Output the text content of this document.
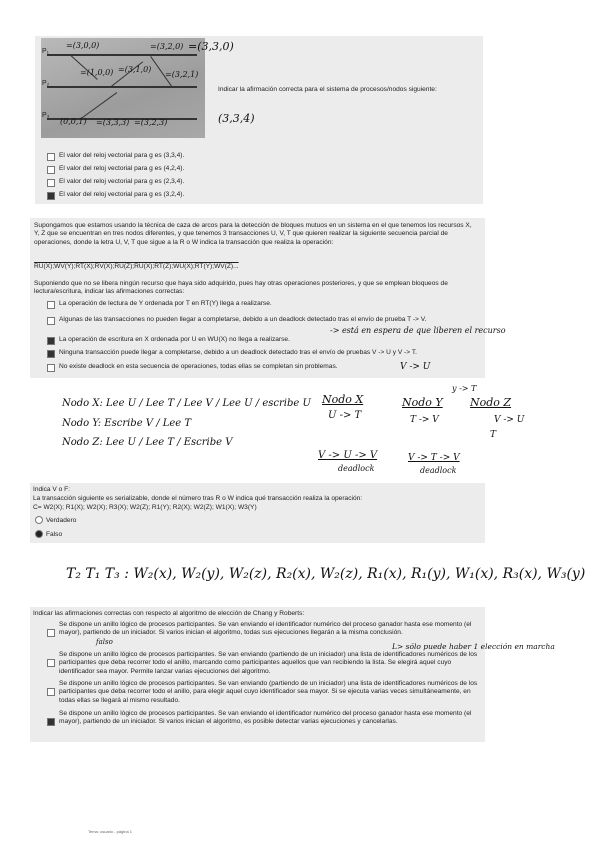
P₁
P₂
P₃
=(3,0,0)	=(3,2,0) =(3,3,0)
=(1,0,0) =(3,1,0)
=(3,2,1)
(0,0,1) =(3,3,3) =(3,2,3)	(3,3,4)
Indicar la afirmación correcta para el sistema de procesos/nodos siguiente:
El valor del reloj vectorial para g es (3,3,4).
El valor del reloj vectorial para g es (4,2,4).
El valor del reloj vectorial para g es (2,3,4).
El valor del reloj vectorial para g es (3,2,4).
Supongamos que estamos usando la técnica de caza de arcos para la detección de bloques mutuos en un sistema en el que tenemos los recursos X, Y, Z que se encuentran en tres nodos diferentes, y que tenemos 3 transacciones U, V, T que quieren realizar la siguiente secuencia parcial de operaciones, donde la letra U, V, T que sigue a la R o W indica la transacción que realiza la operación:
RU(X);WV(Y);RT(X);RV(X);RU(Z);RU(X);RT(Z);WU(X);RT(Y);WV(Z)...
Suponiendo que no se libera ningún recurso que haya sido adquirido, pues hay otras operaciones posteriores, y que se emplean bloqueos de lectura/escritura, indicar las afirmaciones correctas:
La operación de lectura de Y ordenada por T en RT(Y) llega a realizarse.
Algunas de las transacciones no pueden llegar a completarse, debido a un deadlock detectado tras el envío de prueba T -> V.
La operación de escritura en X ordenada por U en WU(X) no llega a realizarse.
Ninguna transacción puede llegar a completarse, debido a un deadlock detectado tras el envío de pruebas V -> U y V -> T.
No existe deadlock en esta secuencia de operaciones, todas ellas se completan sin problemas.
-> está en espera de que liberen el recurso
V -> U
Nodo X: Lee U / Lee T / Lee V / Lee U / escribe U
Nodo Y: Escribe V / Lee T
Nodo Z: Lee U / Lee T / Escribe V
Nodo X
U -> T
V -> U -> V
deadlock
y -> T
Nodo Y Nodo Z
T -> V	V -> U
T
V -> T -> V
deadlock
Indica V o F:
La transacción siguiente es serializable, donde el número tras R o W indica qué transacción realiza la operación:
C= W2(X); R1(X); W2(X); R3(X); W2(Z); R1(Y); R2(X); W2(Z); W1(X); W3(Y)
Verdadero
Falso
T₂ T₁ T₃ : W₂(x), W₂(y), W₂(z), R₂(x), W₂(z), R₁(x), R₁(y), W₁(x), R₃(x), W₃(y)
Indicar las afirmaciones correctas con respecto al algoritmo de elección de Chang y Roberts:
Se dispone un anillo lógico de procesos participantes. Se van enviando el identificador numérico del proceso ganador hasta ese momento (el mayor), partiendo de un iniciador. Si varios inician el algoritmo, todas sus ejecuciones llegarán a la misma conclusión.
Se dispone un anillo lógico de procesos participantes. Se van enviando (partiendo de un iniciador) una lista de identificadores numéricos de los participantes que deba recorrer todo el anillo, marcando como participantes aquellos que van recibiendo la lista. Se elegirá aquel cuyo identificador sea mayor. Permite lanzar varias ejecuciones del algoritmo.
Se dispone un anillo lógico de procesos participantes. Se van enviando (partiendo de un iniciador) una lista de identificadores numéricos de los participantes que deba recorrer todo el anillo, para elegir aquel cuyo identificador sea mayor. Si se ejecuta varias veces simultáneamente, en todas ellas se llegará al mismo resultado.
Se dispone un anillo lógico de procesos participantes. Se van enviando el identificador numérico del proceso ganador hasta ese momento (el mayor), partiendo de un iniciador. Si varios inician el algoritmo, es posible detectar varias ejecuciones y cancelarlas.
falso	L> sólo puede haber 1 elección en marcha
Tema: usuario - página 1
